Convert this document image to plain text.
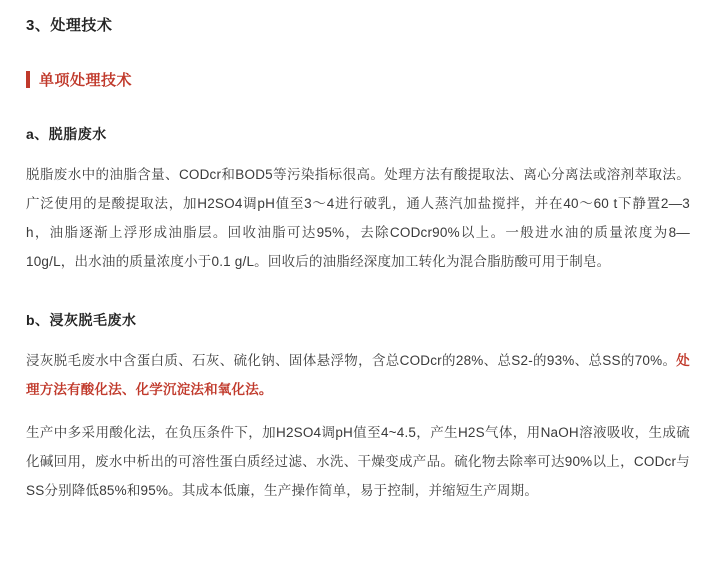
3、处理技术
单项处理技术
a、脱脂废水

脱脂废水中的油脂含量、CODcr和BOD5等污染指标很高。处理方法有酸提取法、离心分离法或溶剂萃取法。广泛使用的是酸提取法，加H2SO4调pH值至3～4进行破乳，通人蒸汽加盐搅拌，并在40～60 t下静置2—3 h，油脂逐渐上浮形成油脂层。回收油脂可达95%，去除CODcr90%以上。一般进水油的质量浓度为8—10g/L，出水油的质量浓度小于0.1 g/L。回收后的油脂经深度加工转化为混合脂肪酸可用于制皂。

b、浸灰脱毛废水

浸灰脱毛废水中含蛋白质、石灰、硫化钠、固体悬浮物，含总CODcr的28%、总S2-的93%、总SS的70%。处理方法有酸化法、化学沉淀法和氧化法。

生产中多采用酸化法，在负压条件下，加H2SO4调pH值至4~4.5，产生H2S气体，用NaOH溶液吸收，生成硫化碱回用，废水中析出的可溶性蛋白质经过滤、水洗、干燥变成产品。硫化物去除率可达90%以上，CODcr与SS分别降低85%和95%。其成本低廉，生产操作简单，易于控制，并缩短生产周期。
